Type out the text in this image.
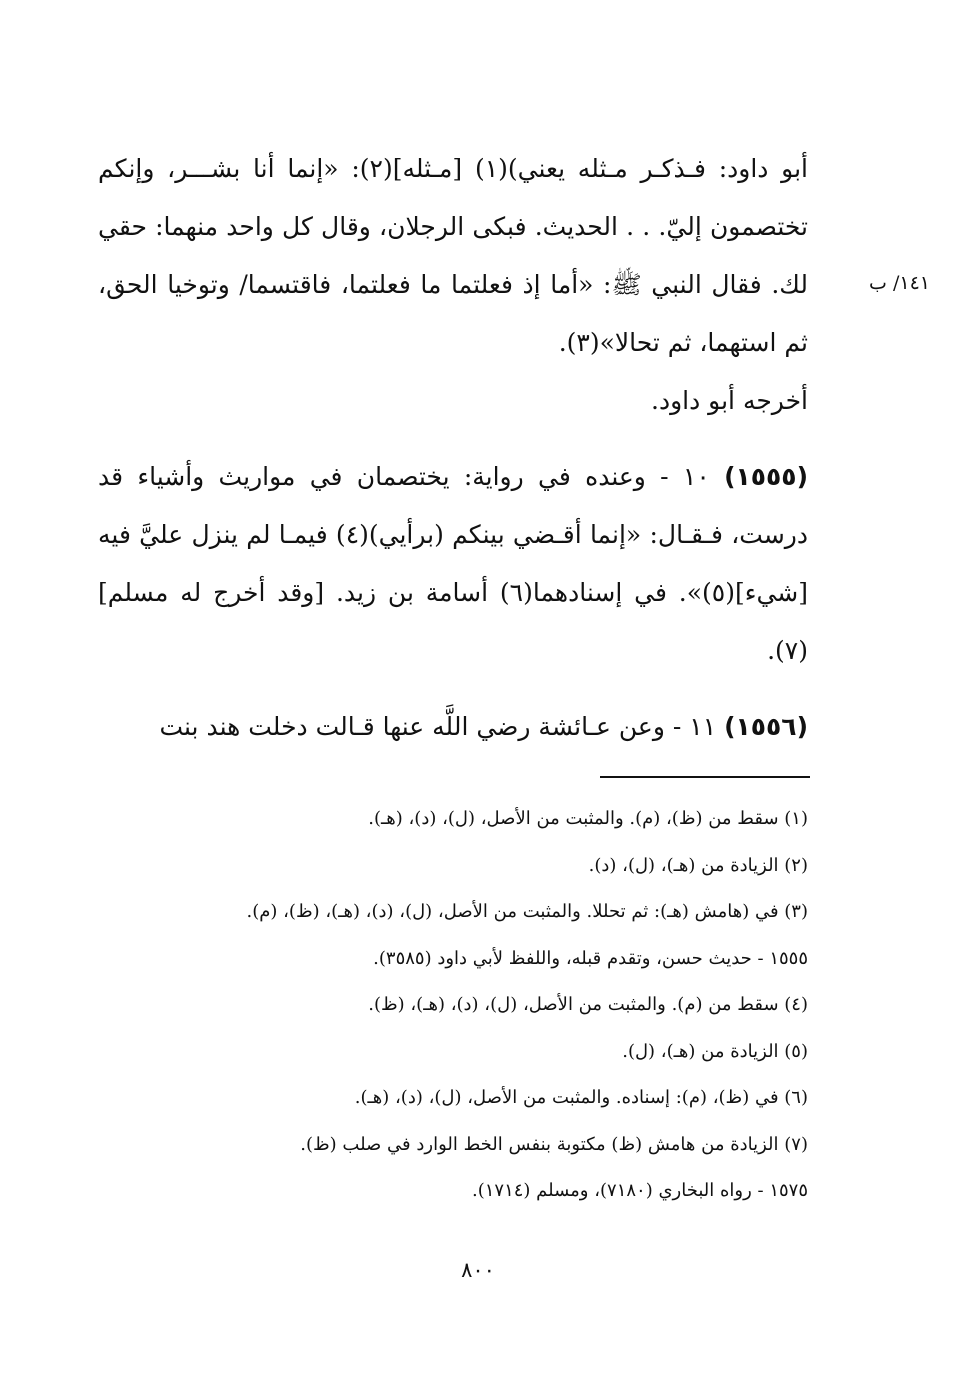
١٤١/ ب

أبو داود: فـذكـر مـثله يعني)(١) [مـثله](٢): «إنما أنا بشـــر، وإنكم تختصمون إليّ. . . الحديث. فبكى الرجلان، وقال كل واحد منهما: حقي لك. فقال النبي ﷺ: «أما إذ فعلتما ما فعلتما، فاقتسما/ وتوخيا الحق، ثم استهما، ثم تحالا»(٣).

أخرجه أبو داود.

(١٥٥٥) ١٠ - وعنده في رواية: يختصمان في مواريث وأشياء قد درست، فـقـال: «إنما أقـضي بينكم (برأيي)(٤) فيمـا لم ينزل عليَّ فيه [شيء](٥)». في إسنادهما(٦) أسامة بن زيد. [وقد أخرج له مسلم](٧).

(١٥٥٦) ١١ - وعن عـائشة رضي اللَّه عنها قـالت دخلت هند بنت

(١) سقط من (ظ)، (م). والمثبت من الأصل، (ل)، (د)، (هـ).
(٢) الزيادة من (هـ)، (ل)، (د).
(٣) في (هامش (هـ): ثم تحللا. والمثبت من الأصل، (ل)، (د)، (هـ)، (ظ)، (م).
١٥٥٥ - حديث حسن، وتقدم قبله، واللفظ لأبي داود (٣٥٨٥).
(٤) سقط من (م). والمثبت من الأصل، (ل)، (د)، (هـ)، (ظ).
(٥) الزيادة من (هـ)، (ل).
(٦) في (ظ)، (م): إسناده. والمثبت من الأصل، (ل)، (د)، (هـ).
(٧) الزيادة من هامش (ظ) مكتوبة بنفس الخط الوارد في صلب (ظ).
١٥٧٥ - رواه البخاري (٧١٨٠)، ومسلم (١٧١٤).
٨٠٠
